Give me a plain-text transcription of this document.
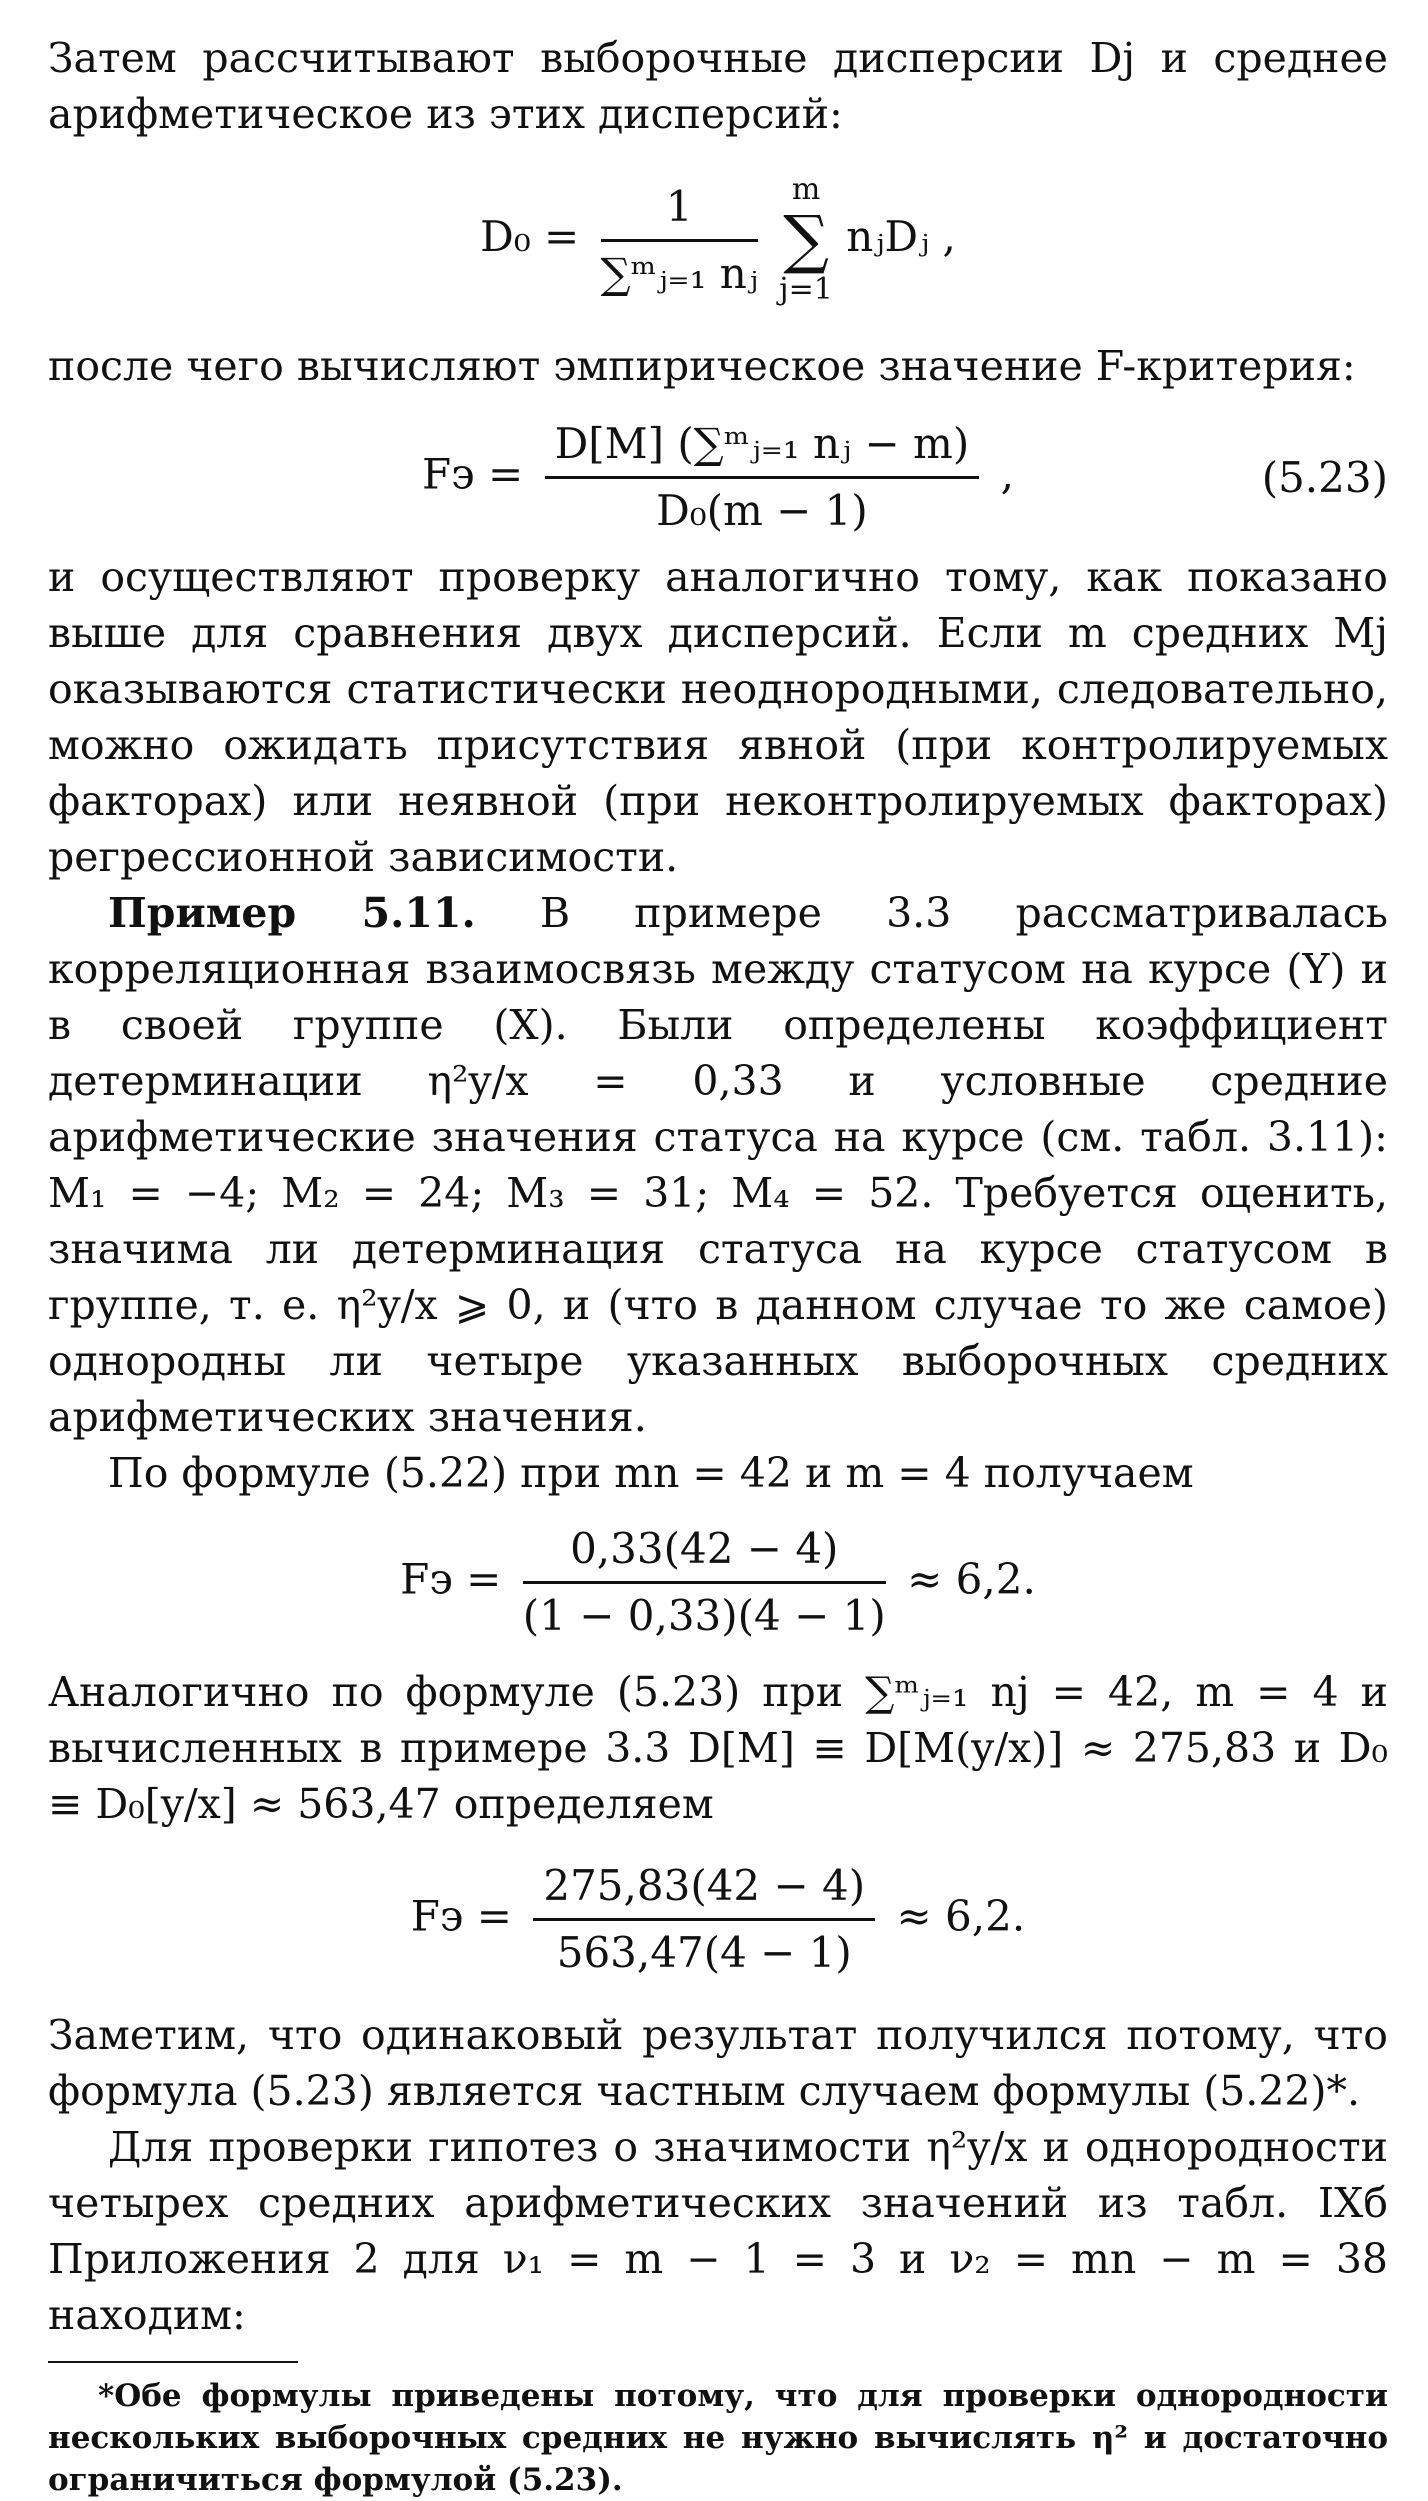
Затем рассчитывают выборочные дисперсии Dj и среднее арифметическое из этих дисперсий:

$D_0 = \frac{1}{\text{∑ᵐⱼ₌₁ nⱼ}}$
	m
∑
j=1
nⱼDⱼ ,

после чего вычисляют эмпирическое значение F-критерия:

Fэ = $\frac{\text{D[M] (∑ᵐⱼ₌₁ nⱼ − m)}}{\text{D₀(m − 1)}}$ ,	(5.23)

и осуществляют проверку аналогично тому, как показано выше для сравнения двух дисперсий. Если m средних Mj оказываются статистически неоднородными, следовательно, можно ожидать присутствия явной (при контролируемых факторах) или неявной (при неконтролируемых факторах) регрессионной зависимости.

Пример 5.11. В примере 3.3 рассматривалась корреляционная взаимосвязь между статусом на курсе (Y) и в своей группе (X). Были определены коэффициент детерминации η²y/x = 0,33 и условные средние арифметические значения статуса на курсе (см. табл. 3.11): M₁ = −4; M₂ = 24; M₃ = 31; M₄ = 52. Требуется оценить, значима ли детерминация статуса на курсе статусом в группе, т. е. η²y/x ⩾ 0, и (что в данном случае то же самое) однородны ли четыре указанных выборочных средних арифметических значения.

По формуле (5.22) при mn = 42 и m = 4 получаем

Fэ = $\frac{0,33(42 - 4)}{(1 - 0,33)(4 - 1)} \approx 6,2$.

Аналогично по формуле (5.23) при ∑ᵐⱼ₌₁ nj = 42, m = 4 и вычисленных в примере 3.3 D[M] ≡ D[M(y/x)] ≈ 275,83 и D₀ ≡ D₀[y/x] ≈ 563,47 определяем

Fэ = $\frac{275,83(42 - 4)}{563,47(4 - 1)} \approx 6,2$.

Заметим, что одинаковый результат получился потому, что формула (5.23) является частным случаем формулы (5.22)*.

Для проверки гипотез о значимости η²y/x и однородности четырех средних арифметических значений из табл. IXб Приложения 2 для ν₁ = m − 1 = 3 и ν₂ = mn − m = 38 находим:

*Обе формулы приведены потому, что для проверки однородности нескольких выборочных средних не нужно вычислять η² и достаточно ограничиться формулой (5.23).
